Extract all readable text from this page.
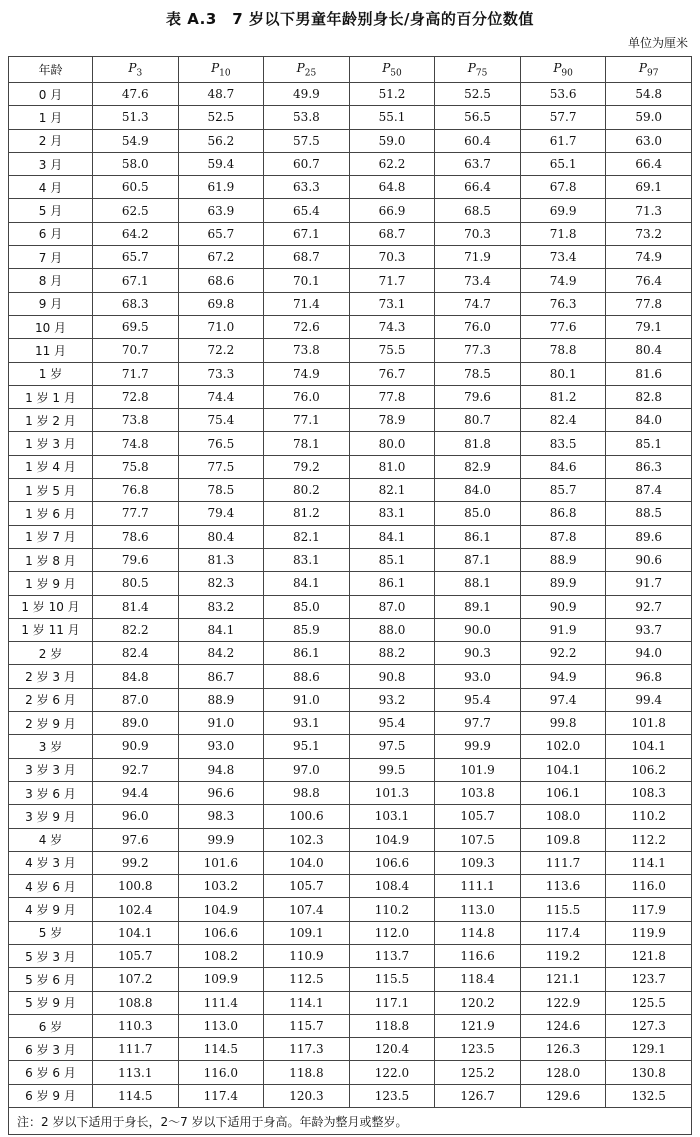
表 A.3　7 岁以下男童年龄别身长/身高的百分位数值
单位为厘米
年龄	$P_3$	$P_{10}$	$P_{25}$	$P_{50}$	$P_{75}$	$P_{90}$	$P_{97}$
0 月	47.6	48.7	49.9	51.2	52.5	53.6	54.8
1 月	51.3	52.5	53.8	55.1	56.5	57.7	59.0
2 月	54.9	56.2	57.5	59.0	60.4	61.7	63.0
3 月	58.0	59.4	60.7	62.2	63.7	65.1	66.4
4 月	60.5	61.9	63.3	64.8	66.4	67.8	69.1
5 月	62.5	63.9	65.4	66.9	68.5	69.9	71.3
6 月	64.2	65.7	67.1	68.7	70.3	71.8	73.2
7 月	65.7	67.2	68.7	70.3	71.9	73.4	74.9
8 月	67.1	68.6	70.1	71.7	73.4	74.9	76.4
9 月	68.3	69.8	71.4	73.1	74.7	76.3	77.8
10 月	69.5	71.0	72.6	74.3	76.0	77.6	79.1
11 月	70.7	72.2	73.8	75.5	77.3	78.8	80.4
1 岁	71.7	73.3	74.9	76.7	78.5	80.1	81.6
1 岁 1 月	72.8	74.4	76.0	77.8	79.6	81.2	82.8
1 岁 2 月	73.8	75.4	77.1	78.9	80.7	82.4	84.0
1 岁 3 月	74.8	76.5	78.1	80.0	81.8	83.5	85.1
1 岁 4 月	75.8	77.5	79.2	81.0	82.9	84.6	86.3
1 岁 5 月	76.8	78.5	80.2	82.1	84.0	85.7	87.4
1 岁 6 月	77.7	79.4	81.2	83.1	85.0	86.8	88.5
1 岁 7 月	78.6	80.4	82.1	84.1	86.1	87.8	89.6
1 岁 8 月	79.6	81.3	83.1	85.1	87.1	88.9	90.6
1 岁 9 月	80.5	82.3	84.1	86.1	88.1	89.9	91.7
1 岁 10 月	81.4	83.2	85.0	87.0	89.1	90.9	92.7
1 岁 11 月	82.2	84.1	85.9	88.0	90.0	91.9	93.7
2 岁	82.4	84.2	86.1	88.2	90.3	92.2	94.0
2 岁 3 月	84.8	86.7	88.6	90.8	93.0	94.9	96.8
2 岁 6 月	87.0	88.9	91.0	93.2	95.4	97.4	99.4
2 岁 9 月	89.0	91.0	93.1	95.4	97.7	99.8	101.8
3 岁	90.9	93.0	95.1	97.5	99.9	102.0	104.1
3 岁 3 月	92.7	94.8	97.0	99.5	101.9	104.1	106.2
3 岁 6 月	94.4	96.6	98.8	101.3	103.8	106.1	108.3
3 岁 9 月	96.0	98.3	100.6	103.1	105.7	108.0	110.2
4 岁	97.6	99.9	102.3	104.9	107.5	109.8	112.2
4 岁 3 月	99.2	101.6	104.0	106.6	109.3	111.7	114.1
4 岁 6 月	100.8	103.2	105.7	108.4	111.1	113.6	116.0
4 岁 9 月	102.4	104.9	107.4	110.2	113.0	115.5	117.9
5 岁	104.1	106.6	109.1	112.0	114.8	117.4	119.9
5 岁 3 月	105.7	108.2	110.9	113.7	116.6	119.2	121.8
5 岁 6 月	107.2	109.9	112.5	115.5	118.4	121.1	123.7
5 岁 9 月	108.8	111.4	114.1	117.1	120.2	122.9	125.5
6 岁	110.3	113.0	115.7	118.8	121.9	124.6	127.3
6 岁 3 月	111.7	114.5	117.3	120.4	123.5	126.3	129.1
6 岁 6 月	113.1	116.0	118.8	122.0	125.2	128.0	130.8
6 岁 9 月	114.5	117.4	120.3	123.5	126.7	129.6	132.5
注：2 岁以下适用于身长，2～7 岁以下适用于身高。年龄为整月或整岁。							
